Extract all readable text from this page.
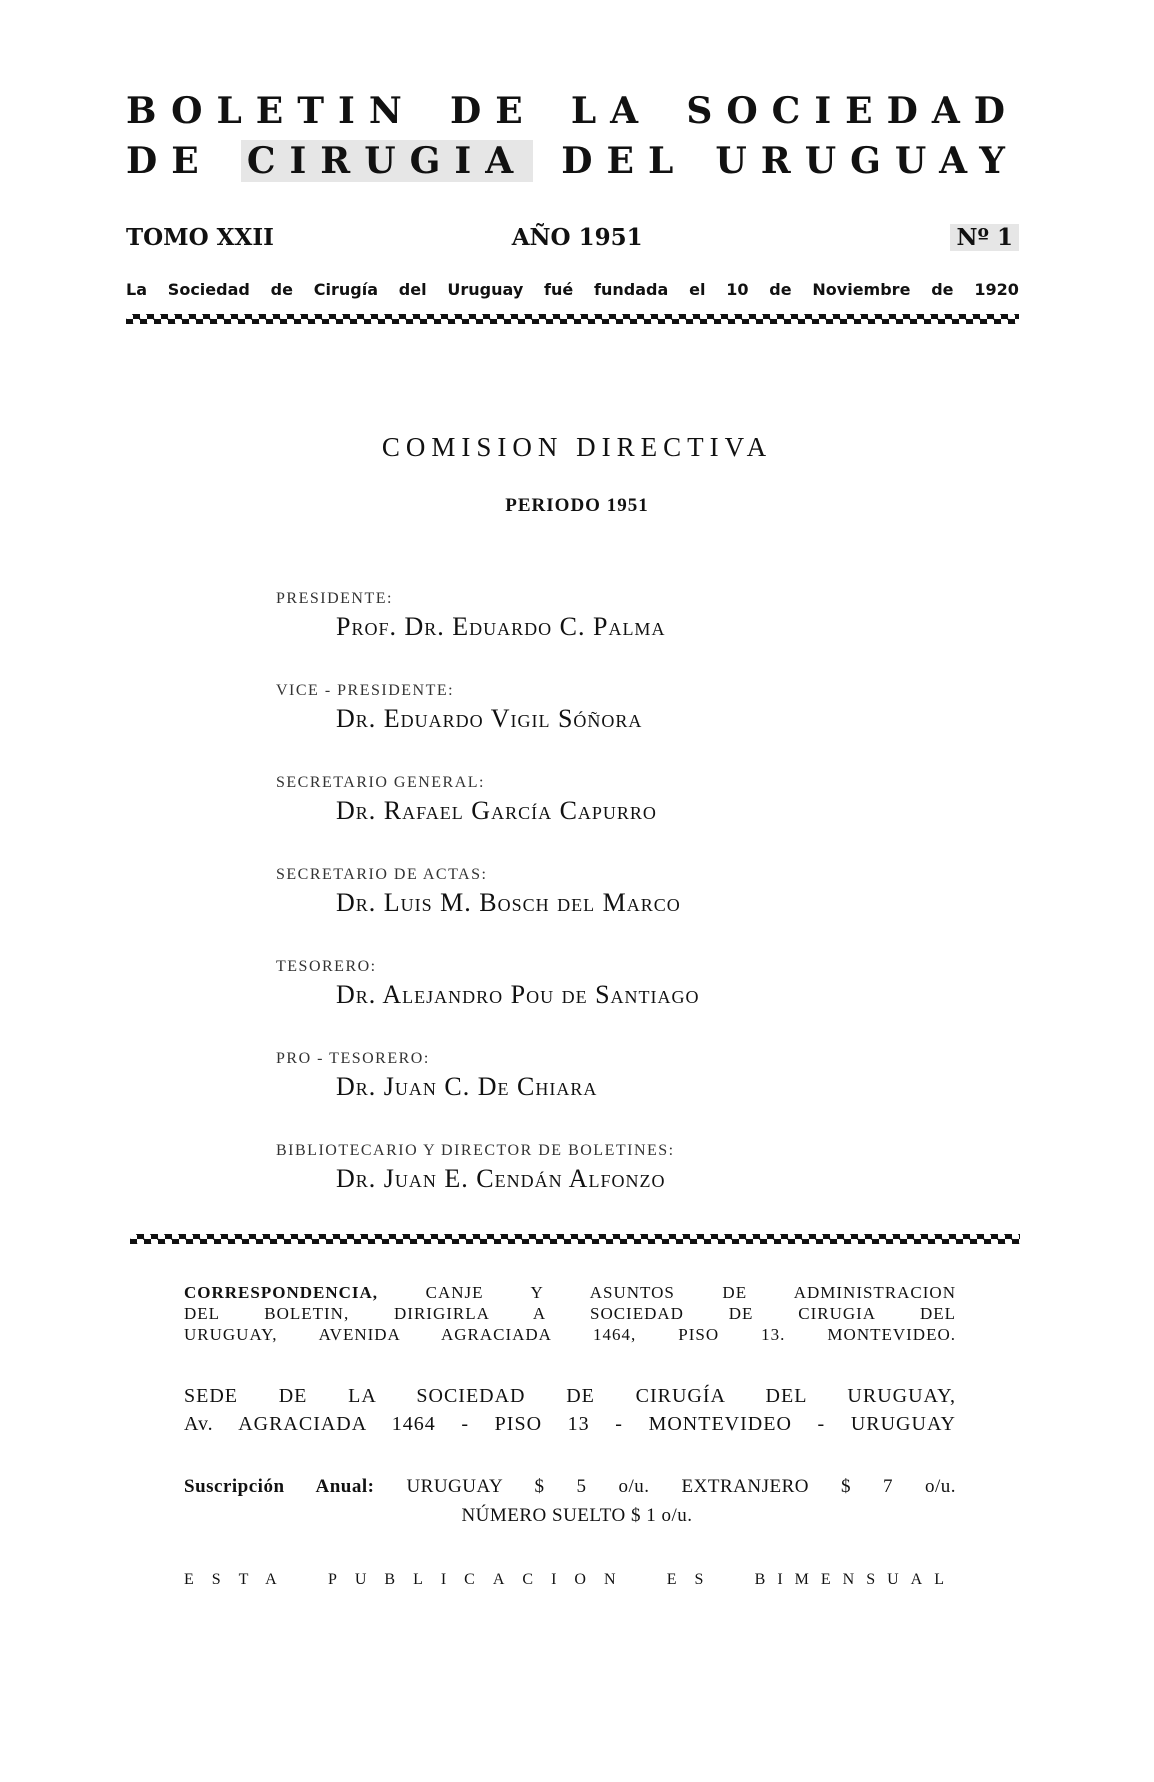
BOLETIN DE LA SOCIEDAD
DE CIRUGIA DEL URUGUAY
TOMO XXII	AÑO 1951	Nº 1
La Sociedad de Cirugía del Uruguay fué fundada el 10 de Noviembre de 1920
COMISION DIRECTIVA
PERIODO 1951
PRESIDENTE:
Prof. Dr. Eduardo C. Palma
VICE - PRESIDENTE:
Dr. Eduardo Vigil Sóñora
SECRETARIO GENERAL:
Dr. Rafael García Capurro
SECRETARIO DE ACTAS:
Dr. Luis M. Bosch del Marco
TESORERO:
Dr. Alejandro Pou de Santiago
PRO - TESORERO:
Dr. Juan C. De Chiara
BIBLIOTECARIO Y DIRECTOR DE BOLETINES:
Dr. Juan E. Cendán Alfonzo
CORRESPONDENCIA,	CANJE Y ASUNTOS DE ADMINISTRACION
DEL BOLETIN, DIRIGIRLA A SOCIEDAD DE CIRUGIA DEL
URUGUAY, AVENIDA AGRACIADA 1464, PISO 13. MONTEVIDEO.
SEDE DE LA SOCIEDAD DE CIRUGÍA DEL URUGUAY,
Av. AGRACIADA 1464 - PISO 13 - MONTEVIDEO - URUGUAY
Suscripción Anual: URUGUAY $ 5 o/u. EXTRANJERO $ 7 o/u.
NÚMERO SUELTO $ 1 o/u.
ESTA PUBLICACION ES BIMENSUAL
